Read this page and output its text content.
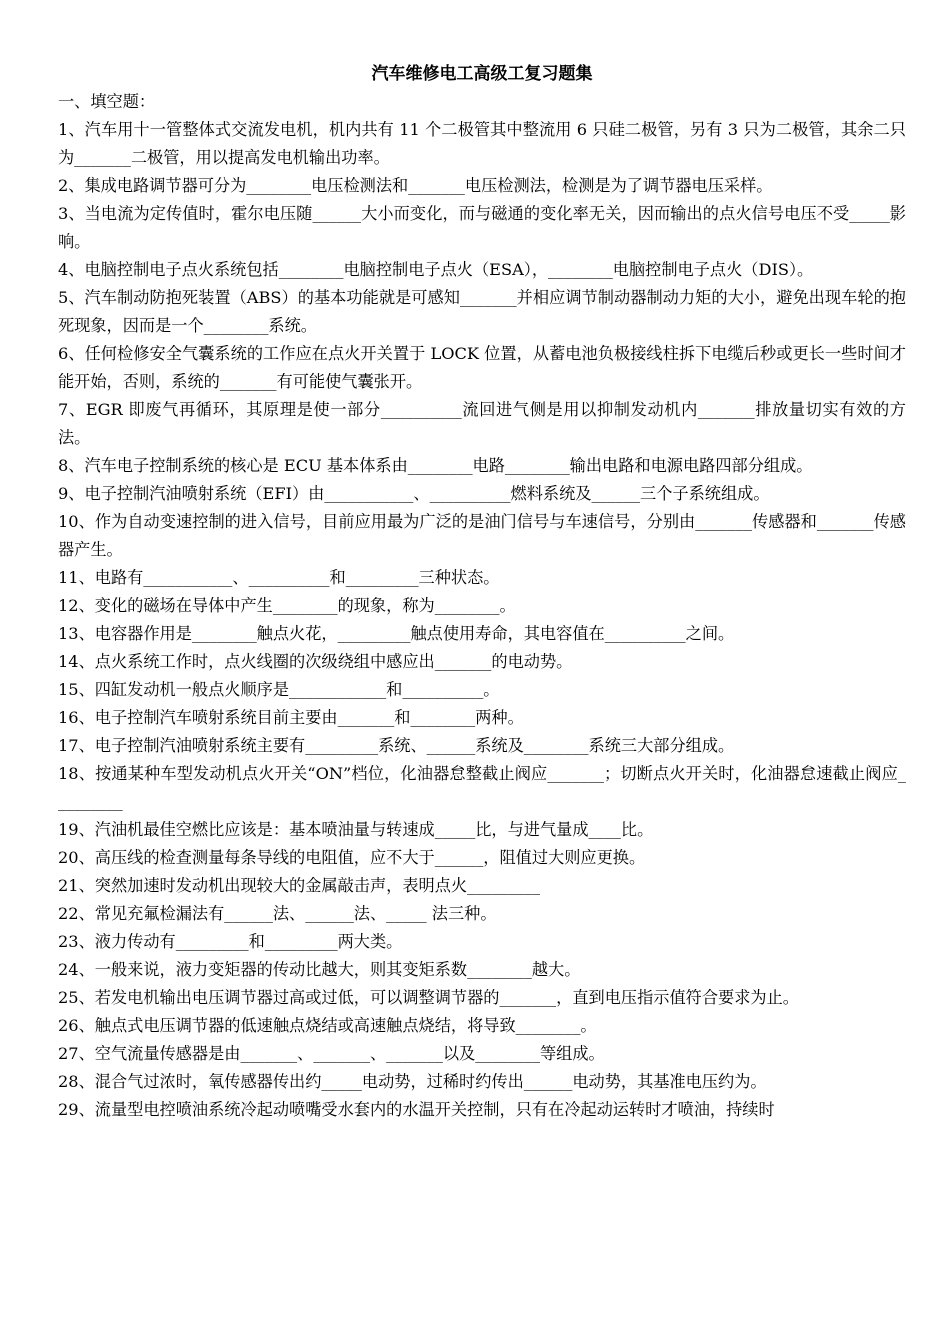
汽车维修电工高级工复习题集

一、填空题：

1、汽车用十一管整体式交流发电机，机内共有 11 个二极管其中整流用 6 只硅二极管，另有 3 只为二极管，其余二只为_______二极管，用以提高发电机输出功率。

2、集成电路调节器可分为________电压检测法和_______电压检测法，检测是为了调节器电压采样。

3、当电流为定传值时，霍尔电压随______大小而变化，而与磁通的变化率无关，因而输出的点火信号电压不受_____影响。

4、电脑控制电子点火系统包括________电脑控制电子点火（ESA），________电脑控制电子点火（DIS）。

5、汽车制动防抱死装置（ABS）的基本功能就是可感知_______并相应调节制动器制动力矩的大小，避免出现车轮的抱死现象，因而是一个________系统。

6、任何检修安全气囊系统的工作应在点火开关置于 LOCK 位置，从蓄电池负极接线柱拆下电缆后秒或更长一些时间才能开始，否则，系统的_______有可能使气囊张开。

7、EGR 即废气再循环，其原理是使一部分__________流回进气侧是用以抑制发动机内_______排放量切实有效的方法。

8、汽车电子控制系统的核心是 ECU 基本体系由________电路________输出电路和电源电路四部分组成。

9、电子控制汽油喷射系统（EFI）由___________、__________燃料系统及______三个子系统组成。

10、作为自动变速控制的进入信号，目前应用最为广泛的是油门信号与车速信号，分别由_______传感器和_______传感器产生。

11、电路有___________、__________和_________三种状态。

12、变化的磁场在导体中产生________的现象，称为________。

13、电容器作用是________触点火花，_________触点使用寿命，其电容值在__________之间。

14、点火系统工作时，点火线圈的次级绕组中感应出_______的电动势。

15、四缸发动机一般点火顺序是____________和__________。

16、电子控制汽车喷射系统目前主要由_______和________两种。

17、电子控制汽油喷射系统主要有_________系统、______系统及________系统三大部分组成。

18、按通某种车型发动机点火开关“ON”档位，化油器怠整截止阀应_______；切断点火开关时，化油器怠速截止阀应_________

19、汽油机最佳空燃比应该是：基本喷油量与转速成_____比，与进气量成____比。

20、高压线的检查测量每条导线的电阻值，应不大于______，阻值过大则应更换。

21、突然加速时发动机出现较大的金属敲击声，表明点火_________

22、常见充氟检漏法有______法、______法、_____ 法三种。

23、液力传动有_________和_________两大类。

24、一般来说，液力变矩器的传动比越大，则其变矩系数________越大。

25、若发电机输出电压调节器过高或过低，可以调整调节器的_______，直到电压指示值符合要求为止。

26、触点式电压调节器的低速触点烧结或高速触点烧结，将导致________。

27、空气流量传感器是由_______、_______、_______以及________等组成。

28、混合气过浓时，氧传感器传出约_____电动势，过稀时约传出______电动势，其基准电压约为。

29、流量型电控喷油系统冷起动喷嘴受水套内的水温开关控制，只有在冷起动运转时才喷油，持续时
